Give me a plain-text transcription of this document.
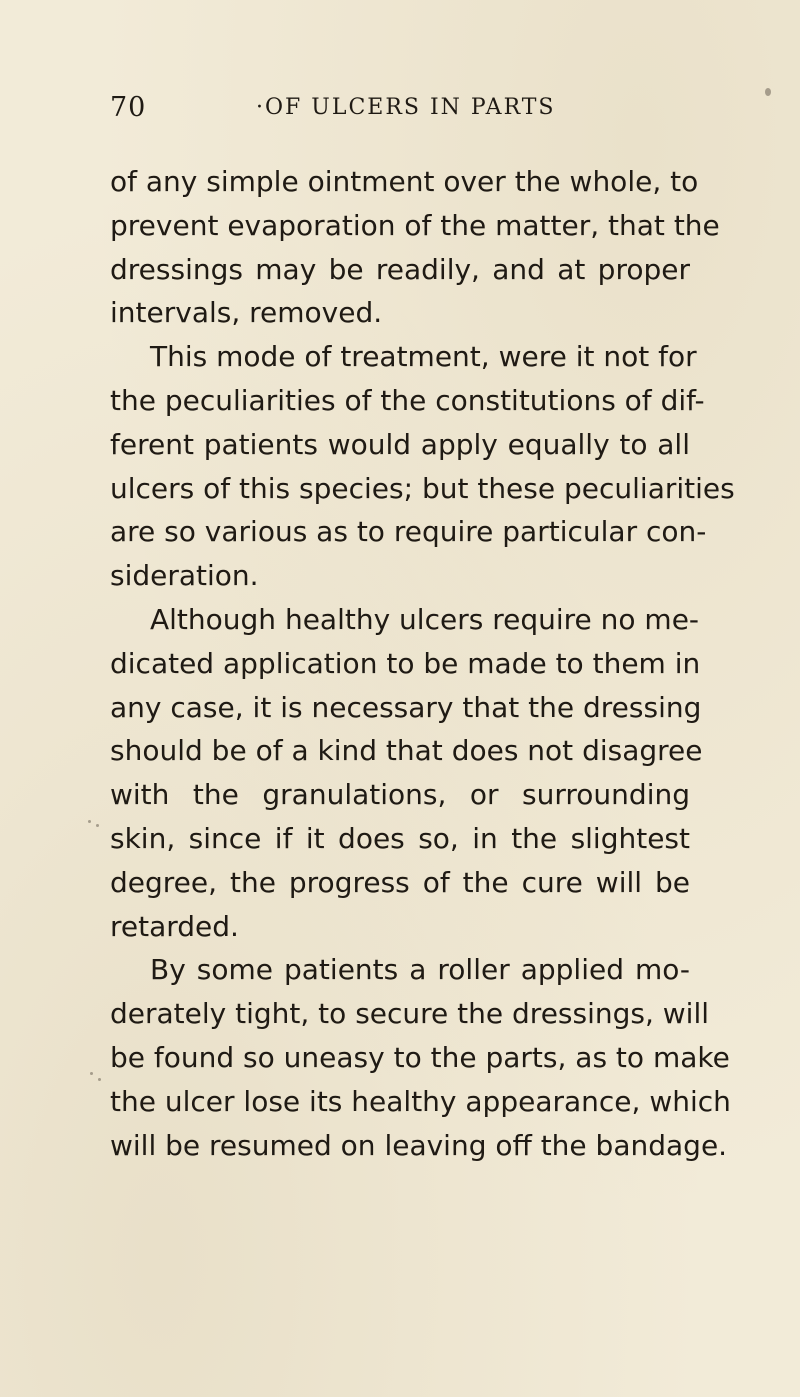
70	·OF ULCERS IN PARTS
of any simple ointment over the whole, to
prevent evaporation of the matter, that the
dressings may be readily, and at proper
intervals, removed.
This mode of treatment, were it not for
the peculiarities of the constitutions of dif-
ferent patients would apply equally to all
ulcers of this species; but these peculiarities
are so various as to require particular con-
sideration.
Although healthy ulcers require no me-
dicated application to be made to them in
any case, it is necessary that the dressing
should be of a kind that does not disagree
with the granulations, or surrounding
skin, since if it does so, in the slightest
degree, the progress of the cure will be
retarded.
By some patients a roller applied mo-
derately tight, to secure the dressings, will
be found so uneasy to the parts, as to make
the ulcer lose its healthy appearance, which
will be resumed on leaving off the bandage.
